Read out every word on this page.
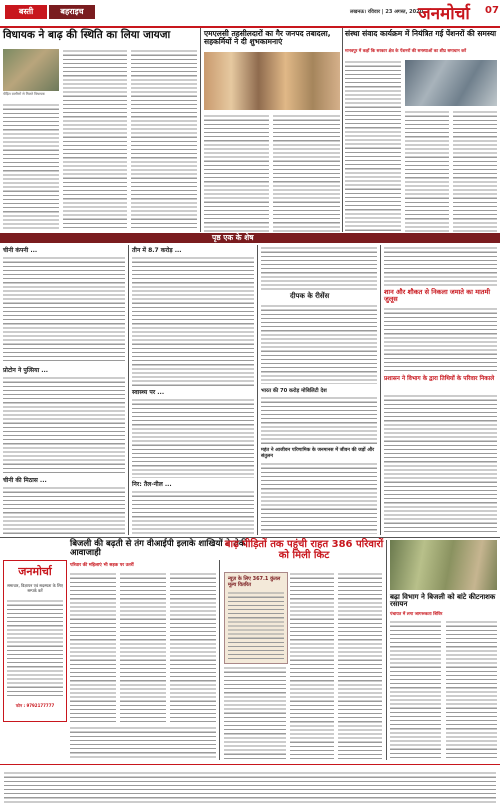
बस्ती	बहराइच	लखनऊ। रविवार | 23 अगस्त, 2020
जनमोर्चा 07
विधायक ने बाढ़ की स्थिति का लिया जायजा
पीड़ित ग्रामीणों से मिलते विधायक
एमएलसी तहसीलदारों का गैर जनपद तबादला, सहकर्मियों ने दी शुभकामनाएं
संस्था संवाद कार्यक्रम में नियंत्रित गई पेंशनरों की समस्या
मानवपुर में कहाँ कि सरकार क्षेत्र के पेंशनरों की समस्याओं का शीघ्र समाधान करें
पृष्ठ एक के शेष
चीनी कंपनी ...
प्रोटोन ने पुत्सिया ...
चीनी की मिठास ...
तीन में 8.7 करोड़ ...
स्वास्थ्य पर ...
निर: तैल-नील ...
दीपक के रीसेंस
भारत की 70 करोड़ मोबिलिटी देश
महंत ने आजीवन परिणामिक के जनमानस में जीवन की जड़ों और संतुलन
शान और शौकत से निकला जमाते का मातमी जुलूस
प्रशासन ने विभाग के द्वारा तिथियों के परिवार निकाले
जनमोर्चा
समाचार, विज्ञापन एवं सदस्यता के लिए सम्पर्क करें
फोन : 9792177777
बिजली की बढ़ती से तंग वीआईपी इलाके शाखियों ने रोकी आवाजाही
परिवार की महिलाएं भी सड़क पर उतरीं
बाढ़ पीड़ितों तक पहुंची राहत 386 परिवारों को मिली किट
न्यूज़ के लिए 367.1 कुंतल मूल्य वितरित
बढ़ा विभाग ने बिजली को बांटे कीटनाशक रसायन
पंचायत में लगा जागरूकता शिविर
